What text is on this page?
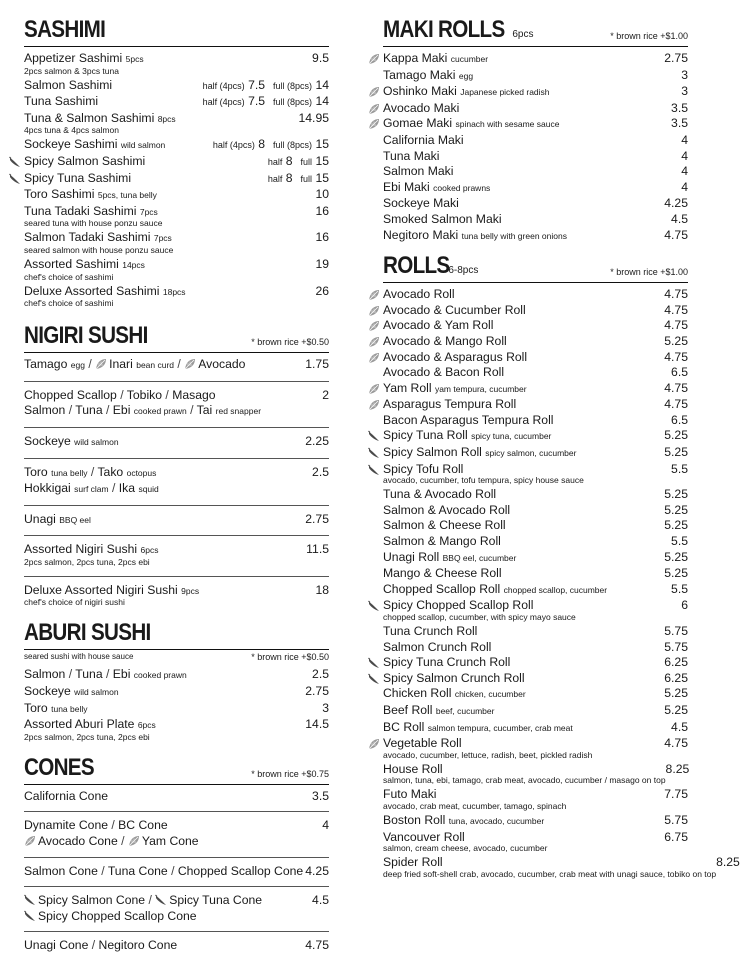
SASHIMI
Appetizer Sashimi 5pcs
2pcs salmon & 3pcs tuna
9.5
Salmon Sashimi	half (4pcs) 7.5 full (8pcs) 14
Tuna Sashimi	half (4pcs) 7.5 full (8pcs) 14
Tuna & Salmon Sashimi 8pcs
4pcs tuna & 4pcs salmon
14.95
Sockeye Sashimi wild salmon	half (4pcs) 8 full (8pcs) 15
Spicy Salmon Sashimi	half 8 full 15
Spicy Tuna Sashimi	half 8 full 15
Toro Sashimi 5pcs, tuna belly	10
Tuna Tadaki Sashimi 7pcs
seared tuna with house ponzu sauce
16
Salmon Tadaki Sashimi 7pcs
seared salmon with house ponzu sauce
16
Assorted Sashimi 14pcs
chef's choice of sashimi
19
Deluxe Assorted Sashimi 18pcs
chef's choice of sashimi
26
NIGIRI SUSHI	* brown rice +$0.50
Tamago egg / Inari bean curd / Avocado	1.75
Chopped Scallop / Tobiko / Masago
Salmon / Tuna / Ebi cooked prawn / Tai red snapper
2
Sockeye wild salmon	2.25
Toro tuna belly / Tako octopus
Hokkigai surf clam / Ika squid
2.5
Unagi BBQ eel	2.75
Assorted Nigiri Sushi 6pcs
2pcs salmon, 2pcs tuna, 2pcs ebi
11.5
Deluxe Assorted Nigiri Sushi 9pcs
chef's choice of nigiri sushi
18
ABURI SUSHI
seared sushi with house sauce	* brown rice +$0.50
Salmon / Tuna / Ebi cooked prawn	2.5
Sockeye wild salmon	2.75
Toro tuna belly	3
Assorted Aburi Plate 6pcs
2pcs salmon, 2pcs tuna, 2pcs ebi
14.5
CONES	* brown rice +$0.75
California Cone	3.5
Dynamite Cone / BC Cone
Avocado Cone / Yam Cone
4
Salmon Cone / Tuna Cone / Chopped Scallop Cone 4.25
Spicy Salmon Cone / Spicy Tuna Cone
Spicy Chopped Scallop Cone
4.5
Unagi Cone / Negitoro Cone	4.75
MAKI ROLLS 6pcs	* brown rice +$1.00
Kappa Maki cucumber	2.75
Tamago Maki egg	3
Oshinko Maki Japanese picked radish	3
Avocado Maki	3.5
Gomae Maki spinach with sesame sauce	3.5
California Maki	4
Tuna Maki	4
Salmon Maki	4
Ebi Maki cooked prawns	4
Sockeye Maki	4.25
Smoked Salmon Maki	4.5
Negitoro Maki tuna belly with green onions	4.75
ROLLS
6-8pcs	* brown rice +$1.00
Avocado Roll	4.75
Avocado & Cucumber Roll	4.75
Avocado & Yam Roll	4.75
Avocado & Mango Roll	5.25
Avocado & Asparagus Roll	4.75
Avocado & Bacon Roll	6.5
Yam Roll yam tempura, cucumber	4.75
Asparagus Tempura Roll	4.75
Bacon Asparagus Tempura Roll	6.5
Spicy Tuna Roll spicy tuna, cucumber	5.25
Spicy Salmon Roll spicy salmon, cucumber	5.25
Spicy Tofu Roll
avocado, cucumber, tofu tempura, spicy house sauce
5.5
Tuna & Avocado Roll	5.25
Salmon & Avocado Roll	5.25
Salmon & Cheese Roll	5.25
Salmon & Mango Roll	5.5
Unagi Roll BBQ eel, cucumber	5.25
Mango & Cheese Roll	5.25
Chopped Scallop Roll chopped scallop, cucumber	5.5
Spicy Chopped Scallop Roll
chopped scallop, cucumber, with spicy mayo sauce
6
Tuna Crunch Roll	5.75
Salmon Crunch Roll	5.75
Spicy Tuna Crunch Roll	6.25
Spicy Salmon Crunch Roll	6.25
Chicken Roll chicken, cucumber	5.25
Beef Roll beef, cucumber	5.25
BC Roll salmon tempura, cucumber, crab meat	4.5
Vegetable Roll
avocado, cucumber, lettuce, radish, beet, pickled radish
4.75
House Roll
salmon, tuna, ebi, tamago, crab meat, avocado, cucumber / masago on top
8.25
Futo Maki
avocado, crab meat, cucumber, tamago, spinach
7.75
Boston Roll tuna, avocado, cucumber	5.75
Vancouver Roll
salmon, cream cheese, avocado, cucumber
6.75
Spider Roll
deep fried soft-shell crab, avocado, cucumber, crab meat with unagi sauce, tobiko on top
8.25
